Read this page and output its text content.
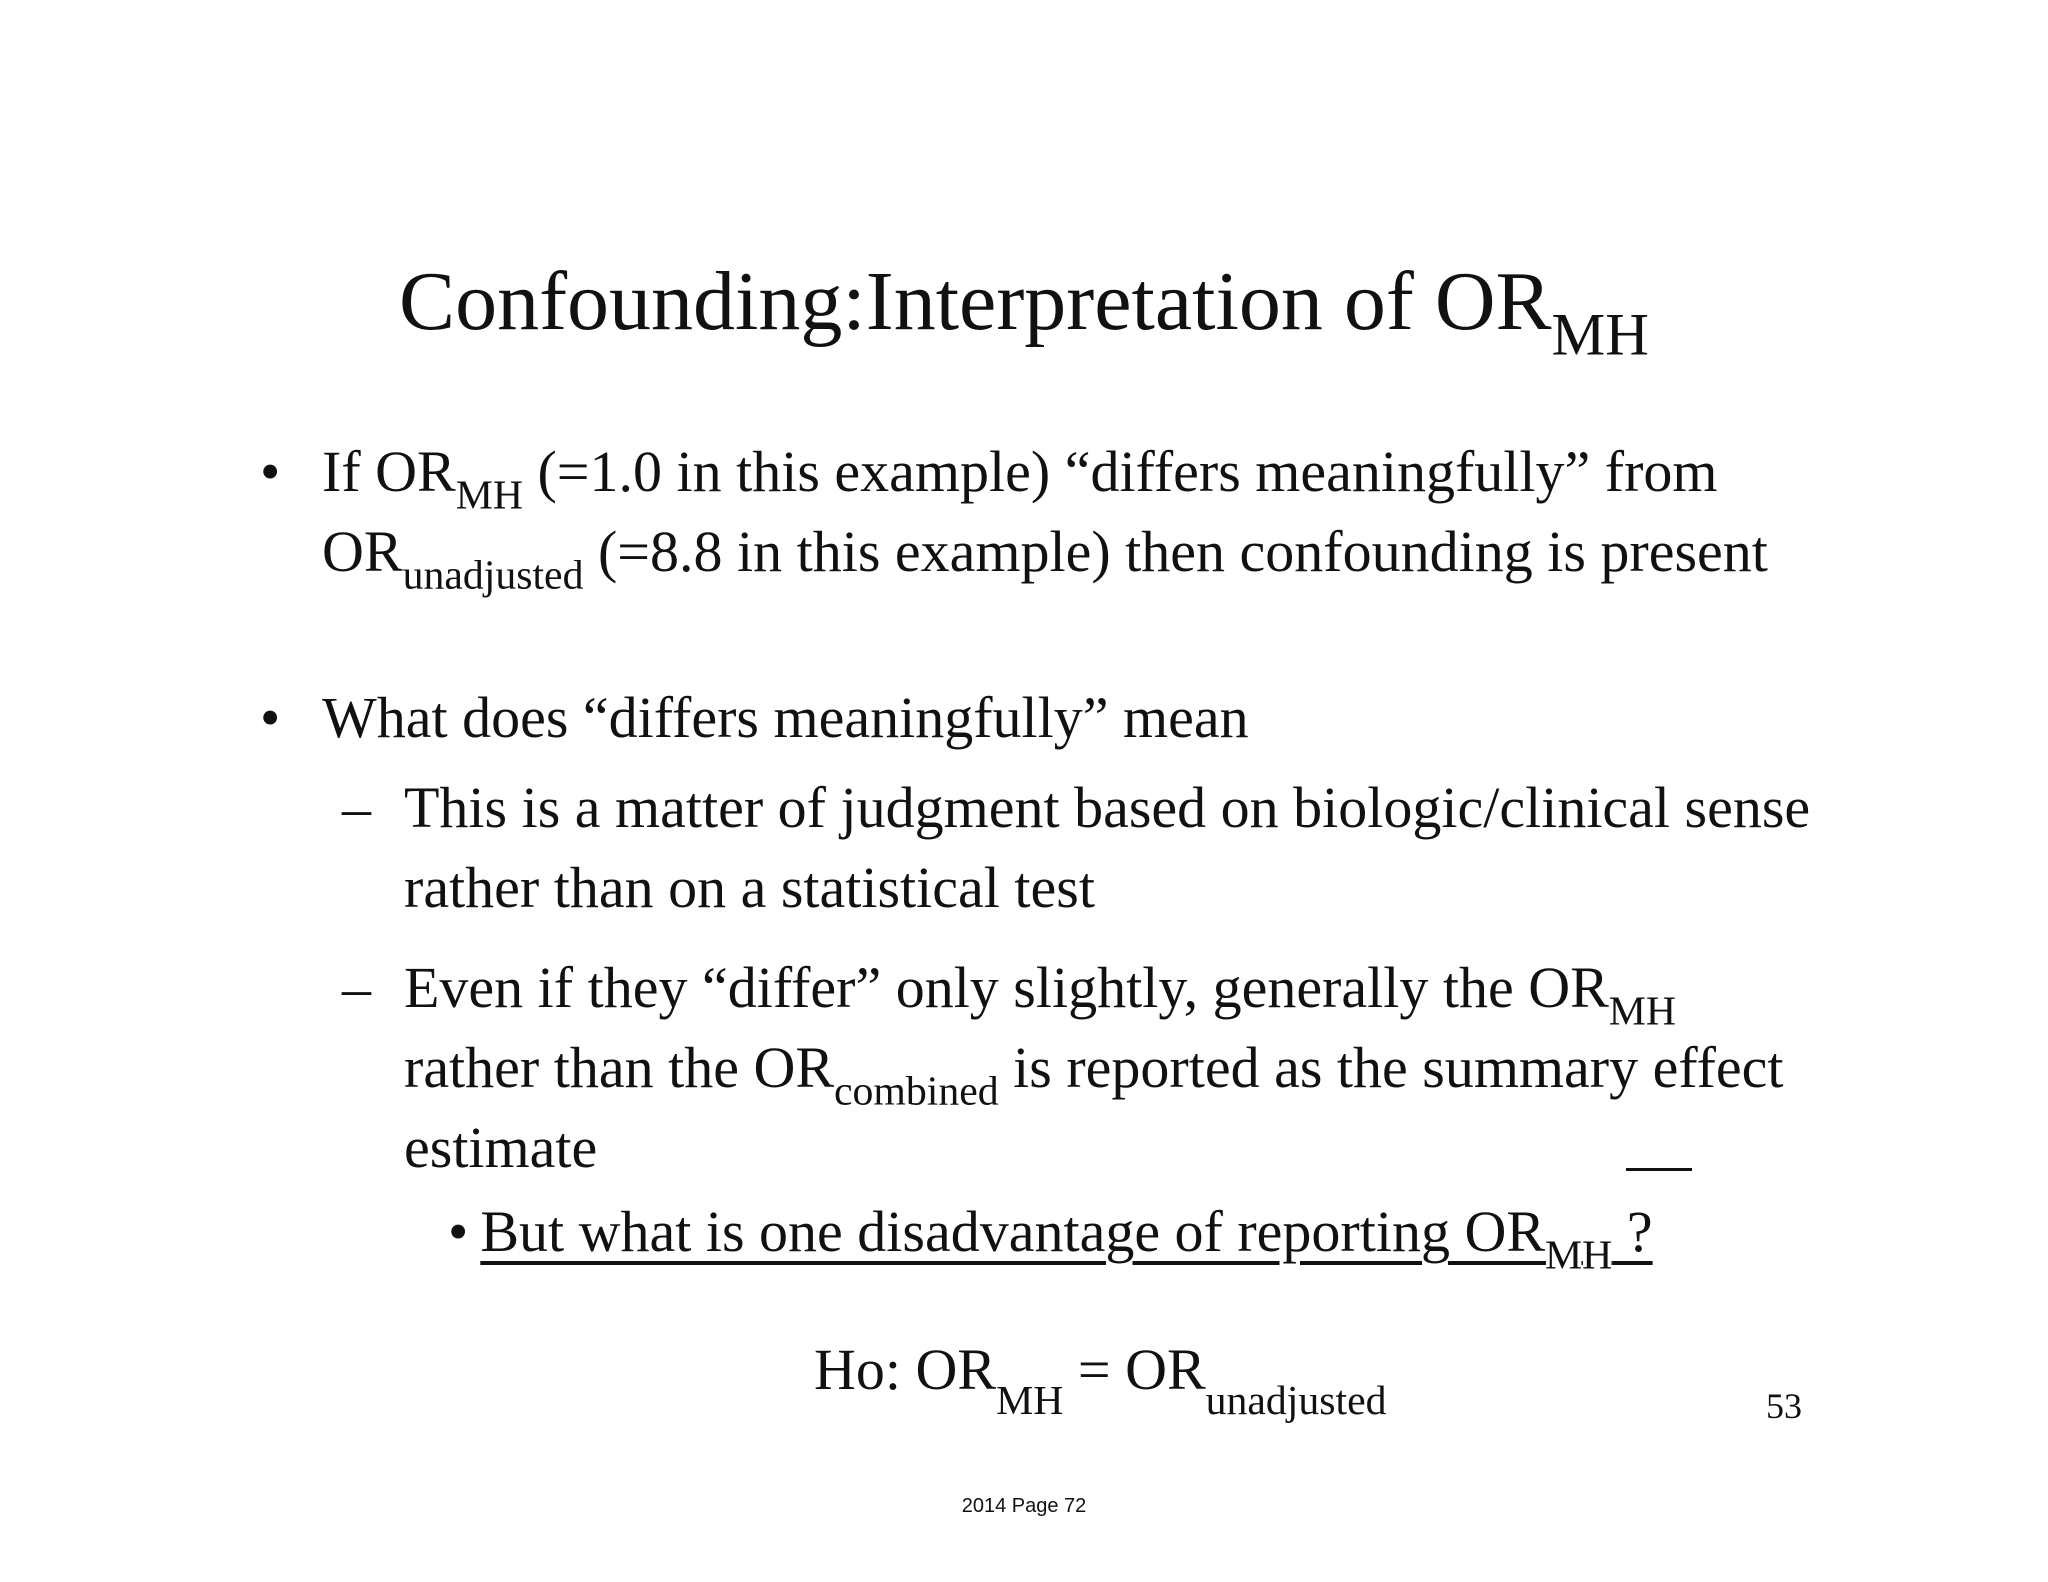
Confounding:Interpretation of $OR_{MH}$
• If $OR_{MH}$ (=1.0 in this example) “differs meaningfully” from $OR_{unadjusted}$ (=8.8 in this example) then confounding is present
• What does “differs meaningfully” mean
– This is a matter of judgment based on biologic/clinical sense rather than on a statistical test
– Even if they “differ” only slightly, generally the $OR_{MH}$ rather than the $OR_{combined}$ is reported as the summary effect estimate
• But what is one disadvantage of reporting $OR_{MH}$ ?
Ho: $OR_{MH} = OR_{unadjusted}$	53
2014 Page 72
